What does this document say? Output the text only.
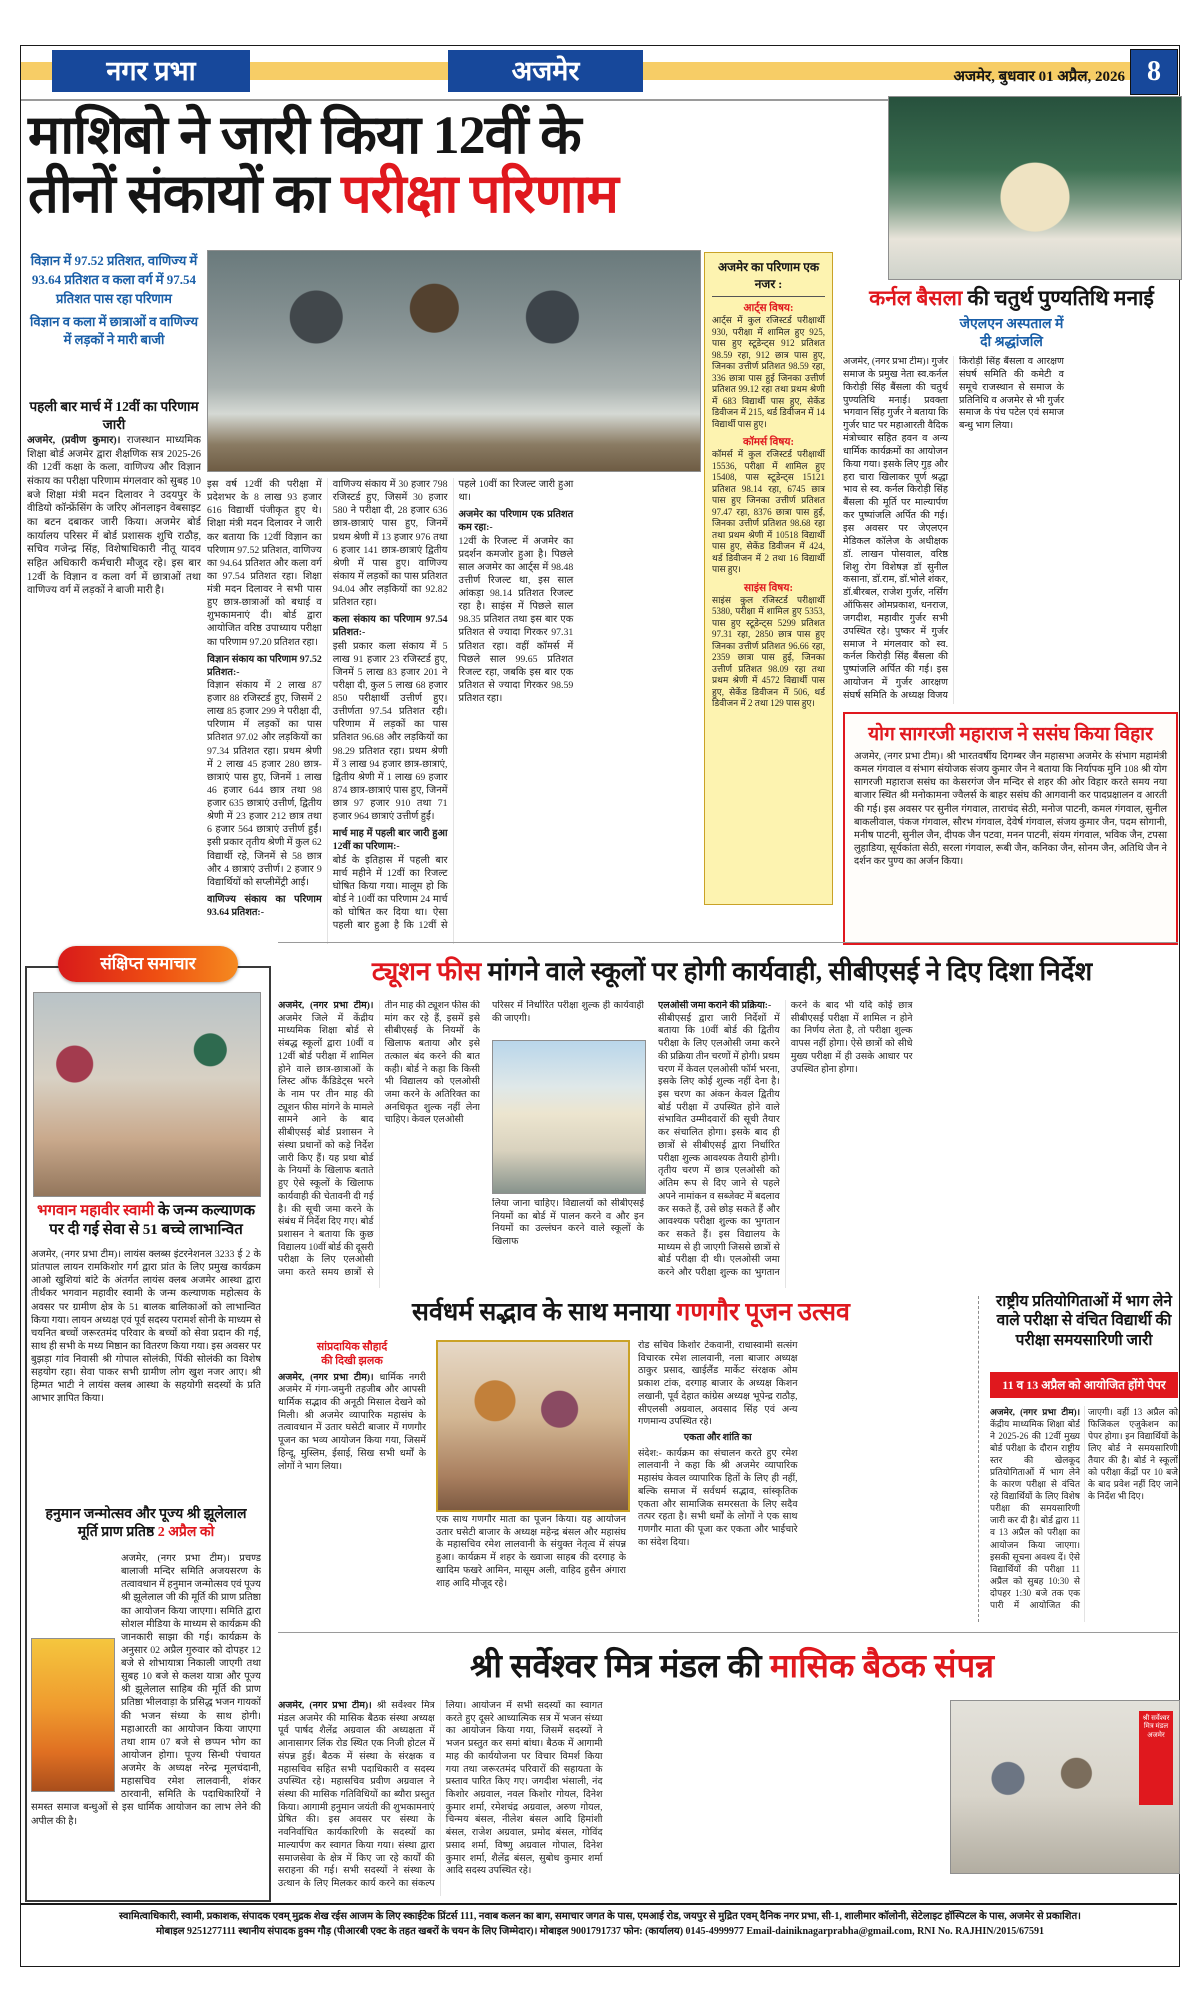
नगर प्रभा	अजमेर	अजमेर, बुधवार 01 अप्रैल, 2026 8
माशिबो ने जारी किया 12वीं के
तीनों संकायों का परीक्षा परिणाम
कर्नल बैसला की चतुर्थ पुण्यतिथि मनाई
जेएलएन अस्पताल में
दी श्रद्धांजलि
अजमेर, (नगर प्रभा टीम)। गुर्जर समाज के प्रमुख नेता स्व.कर्नल किरोड़ी सिंह बैंसला की चतुर्थ पुण्यतिथि मनाई। प्रवक्ता भगवान सिंह गुर्जर ने बताया कि गुर्जर घाट पर महाआरती वैदिक मंत्रोच्चार सहित हवन व अन्य धार्मिक कार्यक्रमों का आयोजन किया गया। इसके लिए गुड़ और हरा चारा खिलाकर पूर्ण श्रद्धा भाव से स्व. कर्नल किरोड़ी सिंह बैंसला की मूर्ति पर माल्यार्पण कर पुष्पांजलि अर्पित की गई। इस अवसर पर जेएलएन मेडिकल कॉलेज के अधीक्षक डॉ. लाखन पोसवाल, वरिष्ठ शिशु रोग विशेषज्ञ डॉ सुनील कसाना, डॉ.राम, डॉ.भोले शंकर, डॉ.बीरबल, राजेश गुर्जर, नर्सिंग ऑफिसर ओमप्रकाश, धनराज, जगदीश, महावीर गुर्जर सभी उपस्थित रहे। पुष्कर में गुर्जर समाज ने मंगलवार को स्व. कर्नल किरोड़ी सिंह बैंसला की पुष्पांजलि अर्पित की गई। इस आयोजन में गुर्जर आरक्षण संघर्ष समिति के अध्यक्ष विजय किरोड़ी सिंह बैंसला व आरक्षण संघर्ष समिति की कमेटी व समूचे राजस्थान से समाज के प्रतिनिधि व अजमेर से भी गुर्जर समाज के पंच पटेल एवं समाज बन्धु भाग लिया।
योग सागरजी महाराज ने ससंघ किया विहार
अजमेर, (नगर प्रभा टीम)। श्री भारतवर्षीय दिगम्बर जैन महासभा अजमेर के संभाग महामंत्री कमल गंगवाल व संभाग संयोजक संजय कुमार जैन ने बताया कि निर्यापक मुनि 108 श्री योग सागरजी महाराज ससंघ का केसरगंज जैन मन्दिर से शहर की ओर विहार करते समय नया बाजार स्थित श्री मनोकामना ज्वैलर्स के बाहर ससंघ की आगवानी कर पादप्रक्षालन व आरती की गई। इस अवसर पर सुनील गंगवाल, ताराचंद सेठी, मनोज पाटनी, कमल गंगवाल, सुनील बाकलीवाल, पंकज गंगवाल, सौरभ गंगवाल, देवेर्ष गंगवाल, संजय कुमार जैन, पदम सोगानी, मनीष पाटनी, सुनील जैन, दीपक जैन पटवा, मनन पाटनी, संयम गंगवाल, भविक जैन, टपसा लुहाडिया, सूर्यकांता सेठी, सरला गंगवाल, रूबी जैन, कनिका जैन, सोनम जैन, अतिथि जैन ने दर्शन कर पुण्य का अर्जन किया।
विज्ञान में 97.52 प्रतिशत, वाणिज्य में 93.64 प्रतिशत व कला वर्ग में 97.54 प्रतिशत पास रहा परिणाम
विज्ञान व कला में छात्राओं व वाणिज्य में लड़कों ने मारी बाजी
पहली बार मार्च में 12वीं का परिणाम जारी
अजमेर, (प्रवीण कुमार)। राजस्थान माध्यमिक शिक्षा बोर्ड अजमेर द्वारा शैक्षणिक सत्र 2025-26 की 12वीं कक्षा के कला, वाणिज्य और विज्ञान संकाय का परीक्षा परिणाम मंगलवार को सुबह 10 बजे शिक्षा मंत्री मदन दिलावर ने उदयपुर के वीडियो कॉन्फ्रेंसिंग के जरिए ऑनलाइन वेबसाइट का बटन दबाकर जारी किया। अजमेर बोर्ड कार्यालय परिसर में बोर्ड प्रशासक शुचि राठौड़, सचिव गजेन्द्र सिंह, विशेषाधिकारी नीतू यादव सहित अधिकारी कर्मचारी मौजूद रहे। इस बार 12वीं के विज्ञान व कला वर्ग में छात्राओं तथा वाणिज्य वर्ग में लड़कों ने बाजी मारी है।
इस वर्ष 12वीं की परीक्षा में प्रदेशभर के 8 लाख 93 हजार 616 विद्यार्थी पंजीकृत हुए थे। शिक्षा मंत्री मदन दिलावर ने जारी कर बताया कि 12वीं विज्ञान का परिणाम 97.52 प्रतिशत, वाणिज्य का 94.64 प्रतिशत और कला वर्ग का 97.54 प्रतिशत रहा। शिक्षा मंत्री मदन दिलावर ने सभी पास हुए छात्र-छात्राओं को बधाई व शुभकामनाएं दी। बोर्ड द्वारा आयोजित वरिष्ठ उपाध्याय परीक्षा का परिणाम 97.20 प्रतिशत रहा।
विज्ञान संकाय का परिणाम 97.52 प्रतिशत:-
विज्ञान संकाय में 2 लाख 87 हजार 88 रजिस्टर्ड हुए, जिसमें 2 लाख 85 हजार 299 ने परीक्षा दी, परिणाम में लड़कों का पास प्रतिशत 97.02 और लड़कियों का 97.34 प्रतिशत रहा। प्रथम श्रेणी में 2 लाख 45 हजार 280 छात्र-छात्राएं पास हुए, जिनमें 1 लाख 46 हजार 644 छात्र तथा 98 हजार 635 छात्राएं उत्तीर्ण, द्वितीय श्रेणी में 23 हजार 212 छात्र तथा 6 हजार 564 छात्राएं उत्तीर्ण हुईं। इसी प्रकार तृतीय श्रेणी में कुल 62 विद्यार्थी रहे, जिनमें से 58 छात्र और 4 छात्राएं उत्तीर्ण। 2 हजार 9 विद्यार्थियों को सप्लीमेंट्री आई।
वाणिज्य संकाय का परिणाम 93.64 प्रतिशत:-
वाणिज्य संकाय में 30 हजार 798 रजिस्टर्ड हुए, जिसमें 30 हजार 580 ने परीक्षा दी, 28 हजार 636 छात्र-छात्राएं पास हुए, जिनमें प्रथम श्रेणी में 13 हजार 976 तथा 6 हजार 141 छात्र-छात्राएं द्वितीय श्रेणी में पास हुए। वाणिज्य संकाय में लड़कों का पास प्रतिशत 94.04 और लड़कियों का 92.82 प्रतिशत रहा।
कला संकाय का परिणाम 97.54 प्रतिशत:-
इसी प्रकार कला संकाय में 5 लाख 91 हजार 23 रजिस्टर्ड हुए, जिनमें 5 लाख 83 हजार 201 ने परीक्षा दी, कुल 5 लाख 68 हजार 850 परीक्षार्थी उत्तीर्ण हुए। उत्तीर्णता 97.54 प्रतिशत रही। परिणाम में लड़कों का पास प्रतिशत 96.68 और लड़कियों का 98.29 प्रतिशत रहा। प्रथम श्रेणी में 3 लाख 94 हजार छात्र-छात्राएं, द्वितीय श्रेणी में 1 लाख 69 हजार 874 छात्र-छात्राएं पास हुए, जिनमें छात्र 97 हजार 910 तथा 71 हजार 964 छात्राएं उत्तीर्ण हुईं।
मार्च माह में पहली बार जारी हुआ 12वीं का परिणाम:-
बोर्ड के इतिहास में पहली बार मार्च महीने में 12वीं का रिजल्ट घोषित किया गया। मालूम हो कि बोर्ड ने 10वीं का परिणाम 24 मार्च को घोषित कर दिया था। ऐसा पहली बार हुआ है कि 12वीं से पहले 10वीं का रिजल्ट जारी हुआ था।
अजमेर का परिणाम एक प्रतिशत कम रहा:-
12वीं के रिजल्ट में अजमेर का प्रदर्शन कमजोर हुआ है। पिछले साल अजमेर का आर्ट्स में 98.48 उत्तीर्ण रिजल्ट था, इस साल आंकड़ा 98.14 प्रतिशत रिजल्ट रहा है। साइंस में पिछले साल 98.35 प्रतिशत तथा इस बार एक प्रतिशत से ज्यादा गिरकर 97.31 प्रतिशत रहा। वहीं कॉमर्स में पिछले साल 99.65 प्रतिशत रिजल्ट रहा, जबकि इस बार एक प्रतिशत से ज्यादा गिरकर 98.59 प्रतिशत रहा।
अजमेर का परिणाम एक नजर :
आर्ट्स विषय:
आर्ट्स में कुल रजिस्टर्ड परीक्षार्थी 930, परीक्षा में शामिल हुए 925, पास हुए स्टूडेन्ट्स 912 प्रतिशत 98.59 रहा, 912 छात्र पास हुए, जिनका उत्तीर्ण प्रतिशत 98.59 रहा, 336 छात्रा पास हुई जिनका उत्तीर्ण प्रतिशत 99.12 रहा तथा प्रथम श्रेणी में 683 विद्यार्थी पास हुए, सेकेंड डिवीजन में 215, थर्ड डिवीजन में 14 विद्यार्थी पास हुए।
कॉमर्स विषय:
कॉमर्स में कुल रजिस्टर्ड परीक्षार्थी 15536, परीक्षा में शामिल हुए 15408, पास स्टूडेन्ट्स 15121 प्रतिशत 98.14 रहा, 6745 छात्र पास हुए जिनका उत्तीर्ण प्रतिशत 97.47 रहा, 8376 छात्रा पास हुई, जिनका उत्तीर्ण प्रतिशत 98.68 रहा तथा प्रथम श्रेणी में 10518 विद्यार्थी पास हुए, सेकेंड डिवीजन में 424, थर्ड डिवीजन में 2 तथा 16 विद्यार्थी पास हुए।
साइंस विषय:
साइंस कुल रजिस्टर्ड परीक्षार्थी 5380, परीक्षा में शामिल हुए 5353, पास हुए स्टूडेन्ट्स 5299 प्रतिशत 97.31 रहा, 2850 छात्र पास हुए जिनका उत्तीर्ण प्रतिशत 96.66 रहा, 2359 छात्रा पास हुई, जिनका उत्तीर्ण प्रतिशत 98.09 रहा तथा प्रथम श्रेणी में 4572 विद्यार्थी पास हुए, सेकेंड डिवीजन में 506, थर्ड डिवीजन में 2 तथा 129 पास हुए।
संक्षिप्त समाचार
भगवान महावीर स्वामी के जन्म कल्याणक
पर दी गई सेवा से 51 बच्चे लाभान्वित
अजमेर, (नगर प्रभा टीम)। लायंस क्लब्स इंटरनेशनल 3233 ई 2 के प्रांतपाल लायन रामकिशोर गर्ग द्वारा प्रांत के लिए प्रमुख कार्यक्रम आओ खुशियां बांटे के अंतर्गत लायंस क्लब अजमेर आस्था द्वारा तीर्थंकर भगवान महावीर स्वामी के जन्म कल्याणक महोत्सव के अवसर पर ग्रामीण क्षेत्र के 51 बालक बालिकाओं को लाभान्वित किया गया। लायन अध्यक्ष एवं पूर्व सदस्य परामर्श सोनी के माध्यम से चयनित बच्चों जरूरतमंद परिवार के बच्चों को सेवा प्रदान की गई, साथ ही सभी के मध्य मिष्ठान का वितरण किया गया। इस अवसर पर बुझड़ा गांव निवासी श्री गोपाल सोलंकी, पिंकी सोलंकी का विशेष सहयोग रहा। सेवा पाकर सभी ग्रामीण लोग खुश नजर आए। श्री हिम्मत भाटी ने लायंस क्लब आस्था के सहयोगी सदस्यों के प्रति आभार ज्ञापित किया।
हनुमान जन्मोत्सव और पूज्य श्री झूलेलाल
मूर्ति प्राण प्रतिष्ठ 2 अप्रैल को
अजमेर, (नगर प्रभा टीम)। प्रचण्ड बालाजी मन्दिर समिति अजयसरण के तत्वावधान में हनुमान जन्मोत्सव एवं पूज्य श्री झूलेलाल जी की मूर्ति की प्राण प्रतिष्ठा का आयोजन किया जाएगा। समिति द्वारा सोशल मीडिया के माध्यम से कार्यक्रम की जानकारी साझा की गई। कार्यक्रम के अनुसार 02 अप्रैल गुरुवार को दोपहर 12 बजे से शोभायात्रा निकाली जाएगी तथा सुबह 10 बजे से कलश यात्रा और पूज्य श्री झूलेलाल साहिब की मूर्ति की प्राण प्रतिष्ठा भीलवाड़ा के प्रसिद्ध भजन गायकों की भजन संध्या के साथ होगी। महाआरती का आयोजन किया जाएगा तथा शाम 07 बजे से छप्पन भोग का आयोजन होगा। पूज्य सिन्धी पंचायत अजमेर के अध्यक्ष नरेन्द्र मूलचंदानी, महासचिव रमेश लालवानी, शंकर ठारवानी, समिति के पदाधिकारियों ने समस्त समाज बन्धुओं से इस धार्मिक आयोजन का लाभ लेने की अपील की है।
ट्यूशन फीस मांगने वाले स्कूलों पर होगी कार्यवाही, सीबीएसई ने दिए दिशा निर्देश
अजमेर, (नगर प्रभा टीम)। अजमेर जिले में केंद्रीय माध्यमिक शिक्षा बोर्ड से संबद्ध स्कूलों द्वारा 10वीं व 12वीं बोर्ड परीक्षा में शामिल होने वाले छात्र-छात्राओं के लिस्ट ऑफ कैंडिडेट्स भरने के नाम पर तीन माह की ट्यूशन फीस मांगने के मामले सामने आने के बाद सीबीएसई बोर्ड प्रशासन ने संस्था प्रधानों को कड़े निर्देश जारी किए हैं। यह प्रथा बोर्ड के नियमों के खिलाफ बताते हुए ऐसे स्कूलों के खिलाफ कार्यवाही की चेतावनी दी गई है। की सूची जमा करने के संबंध में निर्देश दिए गए। बोर्ड प्रशासन ने बताया कि कुछ विद्यालय 10वीं बोर्ड की दूसरी परीक्षा के लिए एलओसी जमा करते समय छात्रों से तीन माह की ट्यूशन फीस की मांग कर रहे हैं, इसमें इसे सीबीएसई के नियमों के खिलाफ बताया और इसे तत्काल बंद करने की बात कही। बोर्ड ने कहा कि किसी भी विद्यालय को एलओसी जमा करने के अतिरिक्त का अनधिकृत शुल्क नहीं लेना चाहिए। केवल एलओसी
परिसर में निर्धारित परीक्षा शुल्क ही कार्यवाही की जाएगी।
लिया जाना चाहिए। विद्यालयों को सीबीएसई नियमों का बोर्ड में पालन करने व और इन नियमों का उल्लंघन करने वाले स्कूलों के खिलाफ
एलओसी जमा कराने की प्रक्रिया:-
सीबीएसई द्वारा जारी निर्देशों में बताया कि 10वीं बोर्ड की द्वितीय परीक्षा के लिए एलओसी जमा करने की प्रक्रिया तीन चरणों में होगी। प्रथम चरण में केवल एलओसी फॉर्म भरना, इसके लिए कोई शुल्क नहीं देना है। इस चरण का अंकन केवल द्वितीय बोर्ड परीक्षा में उपस्थित होने वाले संभावित उम्मीदवारों की सूची तैयार कर संचालित होगा। इसके बाद ही छात्रों से सीबीएसई द्वारा निर्धारित परीक्षा शुल्क आवश्यक तैयारी होगी। तृतीय चरण में छात्र एलओसी को अंतिम रूप से दिए जाने से पहले अपने नामांकन व सब्जेक्ट में बदलाव कर सकते हैं, उसे छोड़ सकते हैं और आवश्यक परीक्षा शुल्क का भुगतान कर सकते हैं। इस विद्यालय के माध्यम से ही जाएगी जिससे छात्रों से बोर्ड परीक्षा दी थी। एलओसी जमा करने और परीक्षा शुल्क का भुगतान करने के बाद भी यदि कोई छात्र सीबीएसई परीक्षा में शामिल न होने का निर्णय लेता है, तो परीक्षा शुल्क वापस नहीं होगा। ऐसे छात्रों को सीधे मुख्य परीक्षा में ही उसके आधार पर उपस्थित होना होगा।
सर्वधर्म सद्भाव के साथ मनाया गणगौर पूजन उत्सव
सांप्रदायिक सौहार्द
की दिखी झलक
अजमेर, (नगर प्रभा टीम)। धार्मिक नगरी अजमेर में गंगा-जमुनी तहजीब और आपसी धार्मिक सद्भाव की अनूठी मिसाल देखने को मिली। श्री अजमेर व्यापारिक महासंघ के तत्वावधान में उतार घसेटी बाजार में गणगौर पूजन का भव्य आयोजन किया गया, जिसमें हिन्दू, मुस्लिम, ईसाई, सिख सभी धर्मों के लोगों ने भाग लिया।
एक साथ गणगौर माता का पूजन किया। यह आयोजन उतार घसेटी बाजार के अध्यक्ष महेन्द्र बंसल और महासंघ के महासचिव रमेश लालवानी के संयुक्त नेतृत्व में संपन्न हुआ। कार्यक्रम में शहर के ख्वाजा साहब की दरगाह के खादिम फखरे आमिन, मासूम अली, वाहिद हुसैन अंगारा शाह आदि मौजूद रहे।
रोड सचिव किशोर टेकवानी, राधास्वामी सत्संग विचारक रमेश लालवानी, नला बाजार अध्यक्ष ठाकुर प्रसाद, खाईलैंड मार्केट संरक्षक ओम प्रकाश टांक, दरगाह बाजार के अध्यक्ष किशन लखानी, पूर्व देहात कांग्रेस अध्यक्ष भूपेन्द्र राठौड़, सीएलसी अग्रवाल, अवसाद सिंह एवं अन्य गणमान्य उपस्थित रहे।
एकता और शांति का
संदेश:- कार्यक्रम का संचालन करते हुए रमेश लालवानी ने कहा कि श्री अजमेर व्यापारिक महासंघ केवल व्यापारिक हितों के लिए ही नहीं, बल्कि समाज में सर्वधर्म सद्भाव, सांस्कृतिक एकता और सामाजिक समरसता के लिए सदैव तत्पर रहता है। सभी धर्मों के लोगों ने एक साथ गणगौर माता की पूजा कर एकता और भाईचारे का संदेश दिया।
राष्ट्रीय प्रतियोगिताओं में भाग लेने
वाले परीक्षा से वंचित विद्यार्थी की
परीक्षा समयसारिणी जारी
11 व 13 अप्रैल को आयोजित होंगे पेपर
अजमेर, (नगर प्रभा टीम)। केंद्रीय माध्यमिक शिक्षा बोर्ड ने 2025-26 की 12वीं मुख्य बोर्ड परीक्षा के दौरान राष्ट्रीय स्तर की खेलकूद प्रतियोगिताओं में भाग लेने के कारण परीक्षा से वंचित रहे विद्यार्थियों के लिए विशेष परीक्षा की समयसारिणी जारी कर दी है। बोर्ड द्वारा 11 व 13 अप्रैल को परीक्षा का आयोजन किया जाएगा। इसकी सूचना अवश्य दें। ऐसे विद्यार्थियों की परीक्षा 11 अप्रैल को सुबह 10:30 से दोपहर 1:30 बजे तक एक पारी में आयोजित की जाएगी। वहीं 13 अप्रैल को फिजिकल एजुकेशन का पेपर होगा। इन विद्यार्थियों के लिए बोर्ड ने समयसारिणी तैयार की है। बोर्ड ने स्कूलों को परीक्षा केंद्रों पर 10 बजे के बाद प्रवेश नहीं दिए जाने के निर्देश भी दिए।
श्री सर्वेश्वर मित्र मंडल की मासिक बैठक संपन्न
अजमेर, (नगर प्रभा टीम)। श्री सर्वेश्वर मित्र मंडल अजमेर की मासिक बैठक संस्था अध्यक्ष पूर्व पार्षद शैलेंद्र अग्रवाल की अध्यक्षता में आनासागर लिंक रोड स्थित एक निजी होटल में संपन्न हुई। बैठक में संस्था के संरक्षक व महासचिव सहित सभी पदाधिकारी व सदस्य उपस्थित रहे। महासचिव प्रवीण अग्रवाल ने संस्था की मासिक गतिविधियों का ब्यौरा प्रस्तुत किया। आगामी हनुमान जयंती की शुभकामनाएं प्रेषित की। इस अवसर पर संस्था के नवनिर्वाचित कार्यकारिणी के सदस्यों का माल्यार्पण कर स्वागत किया गया। संस्था द्वारा समाजसेवा के क्षेत्र में किए जा रहे कार्यों की सराहना की गई। सभी सदस्यों ने संस्था के उत्थान के लिए मिलकर कार्य करने का संकल्प लिया। आयोजन में सभी सदस्यों का स्वागत करते हुए दूसरे आध्यात्मिक सत्र में भजन संध्या का आयोजन किया गया, जिसमें सदस्यों ने भजन प्रस्तुत कर समां बांधा। बैठक में आगामी माह की कार्ययोजना पर विचार विमर्श किया गया तथा जरूरतमंद परिवारों की सहायता के प्रस्ताव पारित किए गए। जगदीश भंसाली, नंद किशोर अग्रवाल, नवल किशोर गोयल, दिनेश कुमार शर्मा, रमेशचंद्र अग्रवाल, अरुण गोयल, चिन्मय बंसल, नीलेश बंसल आदि हिमांशी बंसल, राजेश अग्रवाल, प्रमोद बंसल, गोविंद प्रसाद शर्मा, विष्णु अग्रवाल गोपाल, दिनेश कुमार शर्मा, शैलेंद्र बंसल, सुबोध कुमार शर्मा आदि सदस्य उपस्थित रहे।
श्री सर्वेश्वर मित्र मंडल अजमेर
स्वामित्वाधिकारी, स्वामी, प्रकाशक, संपादक एवम् मुद्रक शेख रईस आजम के लिए स्काईटेक प्रिंटर्स 111, नवाब कलन का बाग, समाचार जगत के पास, एमआई रोड, जयपुर से मुद्रित एवम् दैनिक नगर प्रभा, सी-1, शालीमार कॉलोनी, सेटेलाइट हॉस्पिटल के पास, अजमेर से प्रकाशित।
मोबाइल 9251277111 स्थानीय संपादक हुक्म गौड़ (पीआरबी एक्ट के तहत खबरों के चयन के लिए जिम्मेदार)। मोबाइल 9001791737 फोन: (कार्यालय) 0145-4999977 Email-dainiknagarprabha@gmail.com, RNI No. RAJHIN/2015/67591
